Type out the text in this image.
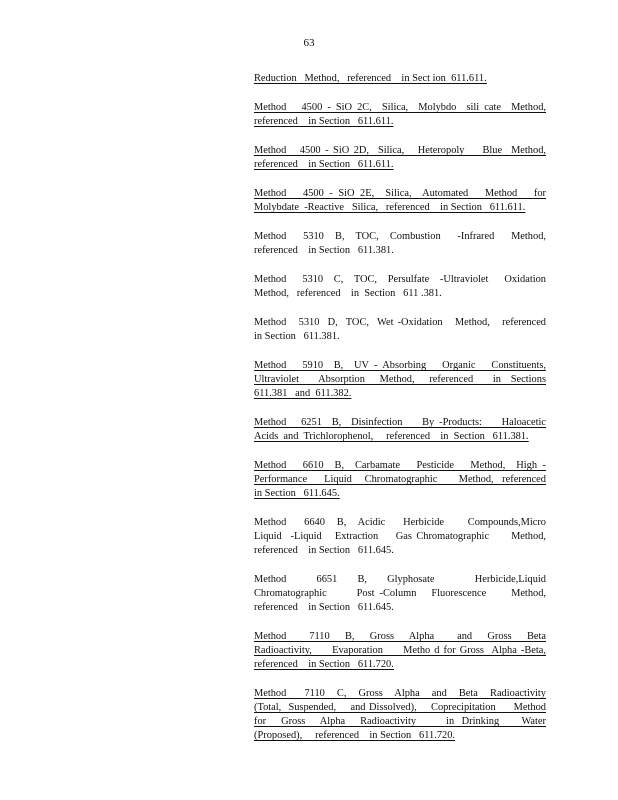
63
Reduction   Method,   referenced    in Sect ion  611.611.
Method   4500 - SiO 2C,  Silica,  Molybdo  sili cate  Method,
referenced    in Section   611.611.
Method   4500 - SiO 2D,  Silica,   Heteropoly    Blue  Method,
referenced    in Section   611.611.
Method   4500 - SiO 2E,  Silica,  Automated   Method   for
Molybdate  -Reactive   Silica,   referenced    in Section   611.611.
Method   5310  B,  TOC,  Combustion   -Infrared   Method,
referenced    in Section   611.381.
Method   5310  C,  TOC,  Persulfate  -Ultraviolet   Oxidation
Method,   referenced    in  Section   611 .381.
Method   5310  D,  TOC,  Wet -Oxidation   Method,   referenced
in Section   611.381.
Method   5910  B,  UV - Absorbing   Organic   Constituents,
Ultraviolet    Absorption   Method,   referenced    in  Sections
611.381   and  611.382.
Method   6251  B,  Disinfection    By -Products:    Haloacetic
Acids  and  Trichlorophenol,     referenced    in  Section   611.381.
Method   6610  B,  Carbamate   Pesticide   Method,  High -
Performance    Liquid   Chromatographic     Method,  referenced
in Section   611.645.
Method   6640  B,  Acidic   Herbicide    Compounds,Micro
Liquid  -Liquid   Extraction    Gas Chromatographic     Method,
referenced    in Section   611.645.
Method   6651  B,  Glyphosate    Herbicide,Liquid
Chromatographic      Post -Column   Fluorescence     Method,
referenced    in Section   611.645.
Method   7110  B,  Gross  Alpha   and  Gross  Beta
Radioactivity,     Evaporation     Metho d for Gross  Alpha -Beta,
referenced    in Section   611.720.
Method   7110  C,  Gross  Alpha  and  Beta  Radioactivity
(Total,  Suspended,    and Dissolved),    Coprecipitation     Method
for  Gross  Alpha  Radioactivity    in Drinking   Water
(Proposed),     referenced    in Section   611.720.
